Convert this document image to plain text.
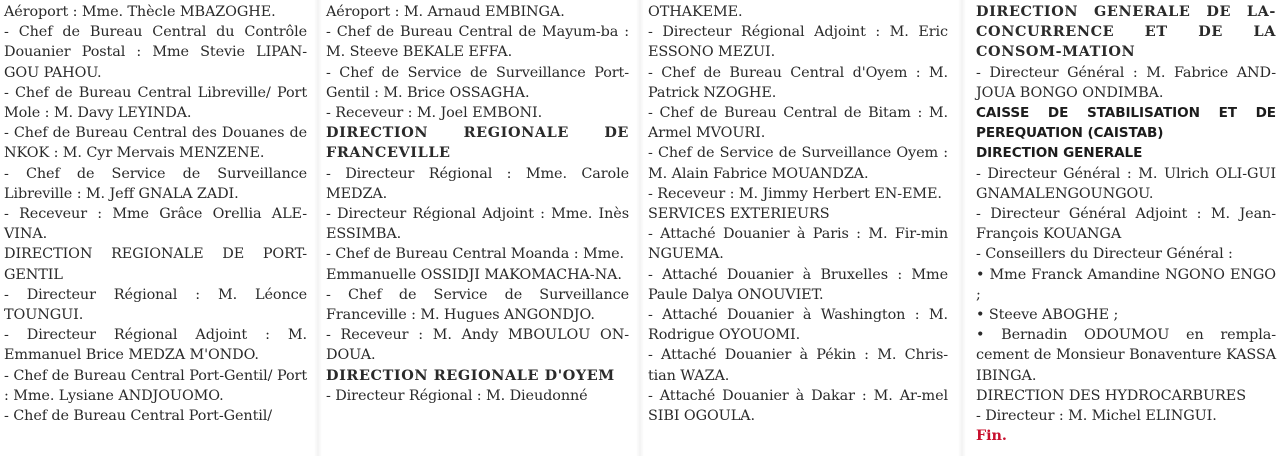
Aéroport : Mme. Thècle MBAZOGHE.

- Chef de Bureau Central du Contrôle Douanier Postal : Mme Stevie LIPAN-GOU PAHOU.

- Chef de Bureau Central Libreville/ Port Mole : M. Davy LEYINDA.

- Chef de Bureau Central des Douanes de NKOK : M. Cyr Mervais MENZENE.

- Chef de Service de Surveillance Libreville : M. Jeff GNALA ZADI.

- Receveur : Mme Grâce Orellia ALE-VINA.

DIRECTION REGIONALE DE PORT-GENTIL

- Directeur Régional : M. Léonce TOUNGUI.

- Directeur Régional Adjoint : M. Emmanuel Brice MEDZA M'ONDO.

- Chef de Bureau Central Port-Gentil/ Port : Mme. Lysiane ANDJOUOMO.

- Chef de Bureau Central Port-Gentil/

Aéroport : M. Arnaud EMBINGA.

- Chef de Bureau Central de Mayum-ba : M. Steeve BEKALE EFFA.

- Chef de Service de Surveillance Port-Gentil : M. Brice OSSAGHA.

- Receveur : M. Joel EMBONI.

DIRECTION REGIONALE DE FRANCEVILLE

- Directeur Régional : Mme. Carole MEDZA.

- Directeur Régional Adjoint : Mme. Inès ESSIMBA.

- Chef de Bureau Central Moanda : Mme.

Emmanuelle OSSIDJI MAKOMACHA-NA.

- Chef de Service de Surveillance Franceville : M. Hugues ANGONDJO.

- Receveur : M. Andy MBOULOU ON-DOUA.

DIRECTION REGIONALE D'OYEM

- Directeur Régional : M. Dieudonné

OTHAKEME.

- Directeur Régional Adjoint : M. Eric ESSONO MEZUI.

- Chef de Bureau Central d'Oyem : M. Patrick NZOGHE.

- Chef de Bureau Central de Bitam : M. Armel MVOURI.

- Chef de Service de Surveillance Oyem : M. Alain Fabrice MOUANDZA.

- Receveur : M. Jimmy Herbert EN-EME.

SERVICES EXTERIEURS

- Attaché Douanier à Paris : M. Fir-min NGUEMA.

- Attaché Douanier à Bruxelles : Mme Paule Dalya ONOUVIET.

- Attaché Douanier à Washington : M. Rodrigue OYOUOMI.

- Attaché Douanier à Pékin : M. Chris-tian WAZA.

- Attaché Douanier à Dakar : M. Ar-mel SIBI OGOULA.

DIRECTION GENERALE DE LA-CONCURRENCE ET DE LA CONSOM-MATION

- Directeur Général : M. Fabrice AND-JOUA BONGO ONDIMBA.

CAISSE DE STABILISATION ET DE PEREQUATION (CAISTAB)

DIRECTION GENERALE

- Directeur Général : M. Ulrich OLI-GUI GNAMALENGOUNGOU.

- Directeur Général Adjoint : M. Jean-François KOUANGA

- Conseillers du Directeur Général :

• Mme Franck Amandine NGONO ENGO ;

• Steeve ABOGHE ;

• Bernadin ODOUMOU en rempla-cement de Monsieur Bonaventure KASSA IBINGA.

DIRECTION DES HYDROCARBURES

- Directeur : M. Michel ELINGUI.

Fin.
